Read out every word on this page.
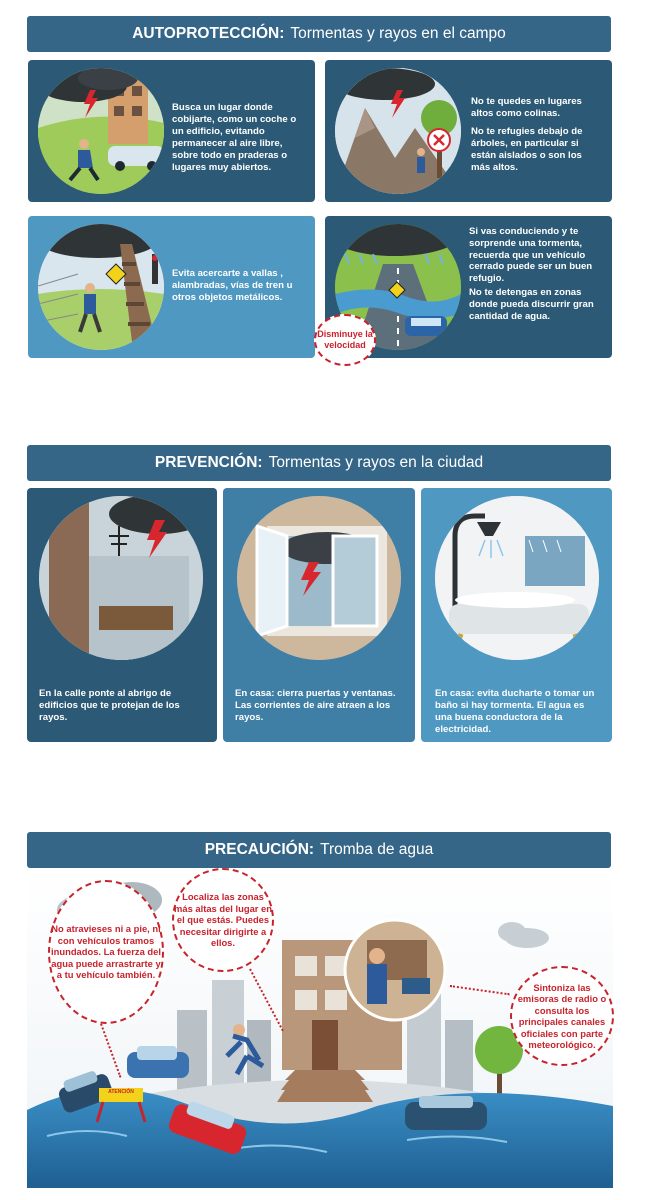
AUTOPROTECCIÓN: Tormentas y rayos en el campo
Busca un lugar donde cobijarte, como un coche o un edificio, evitando permanecer al aire libre, sobre todo en praderas o lugares muy abiertos.

No te quedes en lugares altos como colinas.

No te refugies debajo de árboles, en particular si están aislados o son los más altos.

Evita acercarte a vallas , alambradas, vías de tren u otros objetos metálicos.

Si vas conduciendo y te sorprende una tormenta, recuerda que un vehículo cerrado puede ser un buen refugio.

No te detengas en zonas donde pueda discurrir gran cantidad de agua.

Disminuye la velocidad
PREVENCIÓN: Tormentas y rayos en la ciudad
En la calle ponte al abrigo de edificios que te protejan de los rayos.
En casa: cierra puertas y ventanas. Las corrientes de aire atraen a los rayos.
En casa: evita ducharte o tomar un baño si hay tormenta. El agua es una buena conductora de la electricidad.
PRECAUCIÓN: Tromba de agua
ATENCIÓN
No atravieses ni a pie, ni con vehículos tramos inundados. La fuerza del agua puede arrastrarte y a tu vehículo también.
Localiza las zonas más altas del lugar en el que estás. Puedes necesitar dirigirte a ellos.
Sintoniza las emisoras de radio o consulta los principales canales oficiales con parte meteorológico.
